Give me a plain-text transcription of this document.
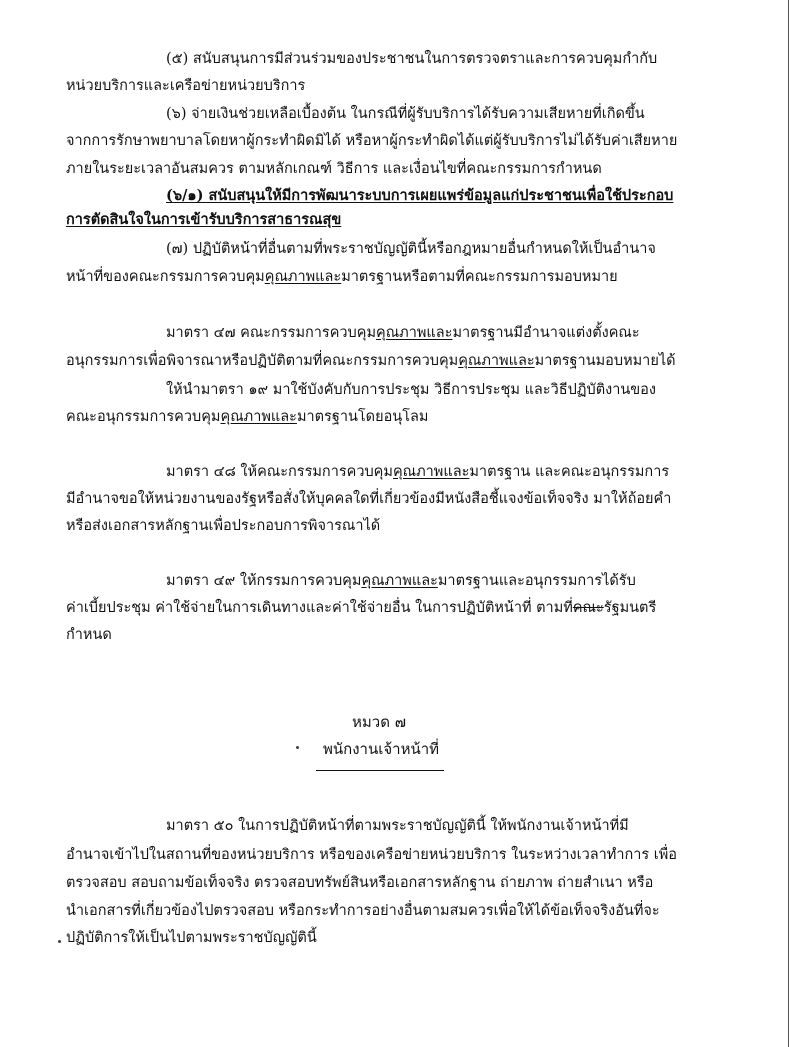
(๕) สนับสนุนการมีส่วนร่วมของประชาชนในการตรวจตราและการควบคุมกำกับ
หน่วยบริการและเครือข่ายหน่วยบริการ
(๖) จ่ายเงินช่วยเหลือเบื้องต้น ในกรณีที่ผู้รับบริการได้รับความเสียหายที่เกิดขึ้น
จากการรักษาพยาบาลโดยหาผู้กระทำผิดมิได้ หรือหาผู้กระทำผิดได้แต่ผู้รับบริการไม่ได้รับค่าเสียหาย
ภายในระยะเวลาอันสมควร ตามหลักเกณฑ์ วิธีการ และเงื่อนไขที่คณะกรรมการกำหนด
(๖/๑) สนับสนุนให้มีการพัฒนาระบบการเผยแพร่ข้อมูลแก่ประชาชนเพื่อใช้ประกอบ
การตัดสินใจในการเข้ารับบริการสาธารณสุข
(๗) ปฏิบัติหน้าที่อื่นตามที่พระราชบัญญัตินี้หรือกฎหมายอื่นกำหนดให้เป็นอำนาจ
หน้าที่ของคณะกรรมการควบคุมคุณภาพและมาตรฐานหรือตามที่คณะกรรมการมอบหมาย
มาตรา ๔๗ คณะกรรมการควบคุมคุณภาพและมาตรฐานมีอำนาจแต่งตั้งคณะ
อนุกรรมการเพื่อพิจารณาหรือปฏิบัติตามที่คณะกรรมการควบคุมคุณภาพและมาตรฐานมอบหมายได้
ให้นำมาตรา ๑๙ มาใช้บังคับกับการประชุม วิธีการประชุม และวิธีปฏิบัติงานของ
คณะอนุกรรมการควบคุมคุณภาพและมาตรฐานโดยอนุโลม
มาตรา ๔๘ ให้คณะกรรมการควบคุมคุณภาพและมาตรฐาน และคณะอนุกรรมการ
มีอำนาจขอให้หน่วยงานของรัฐหรือสั่งให้บุคคลใดที่เกี่ยวข้องมีหนังสือชี้แจงข้อเท็จจริง มาให้ถ้อยคำ
หรือส่งเอกสารหลักฐานเพื่อประกอบการพิจารณาได้
มาตรา ๔๙ ให้กรรมการควบคุมคุณภาพและมาตรฐานและอนุกรรมการได้รับ
ค่าเบี้ยประชุม ค่าใช้จ่ายในการเดินทางและค่าใช้จ่ายอื่น ในการปฏิบัติหน้าที่ ตามที่คณะรัฐมนตรี
กำหนด
หมวด ๗
พนักงานเจ้าหน้าที่
มาตรา ๕๐ ในการปฏิบัติหน้าที่ตามพระราชบัญญัตินี้ ให้พนักงานเจ้าหน้าที่มี
อำนาจเข้าไปในสถานที่ของหน่วยบริการ หรือของเครือข่ายหน่วยบริการ ในระหว่างเวลาทำการ เพื่อ
ตรวจสอบ สอบถามข้อเท็จจริง ตรวจสอบทรัพย์สินหรือเอกสารหลักฐาน ถ่ายภาพ ถ่ายสำเนา หรือ
นำเอกสารที่เกี่ยวข้องไปตรวจสอบ หรือกระทำการอย่างอื่นตามสมควรเพื่อให้ได้ข้อเท็จจริงอันที่จะ
ปฏิบัติการให้เป็นไปตามพระราชบัญญัตินี้
